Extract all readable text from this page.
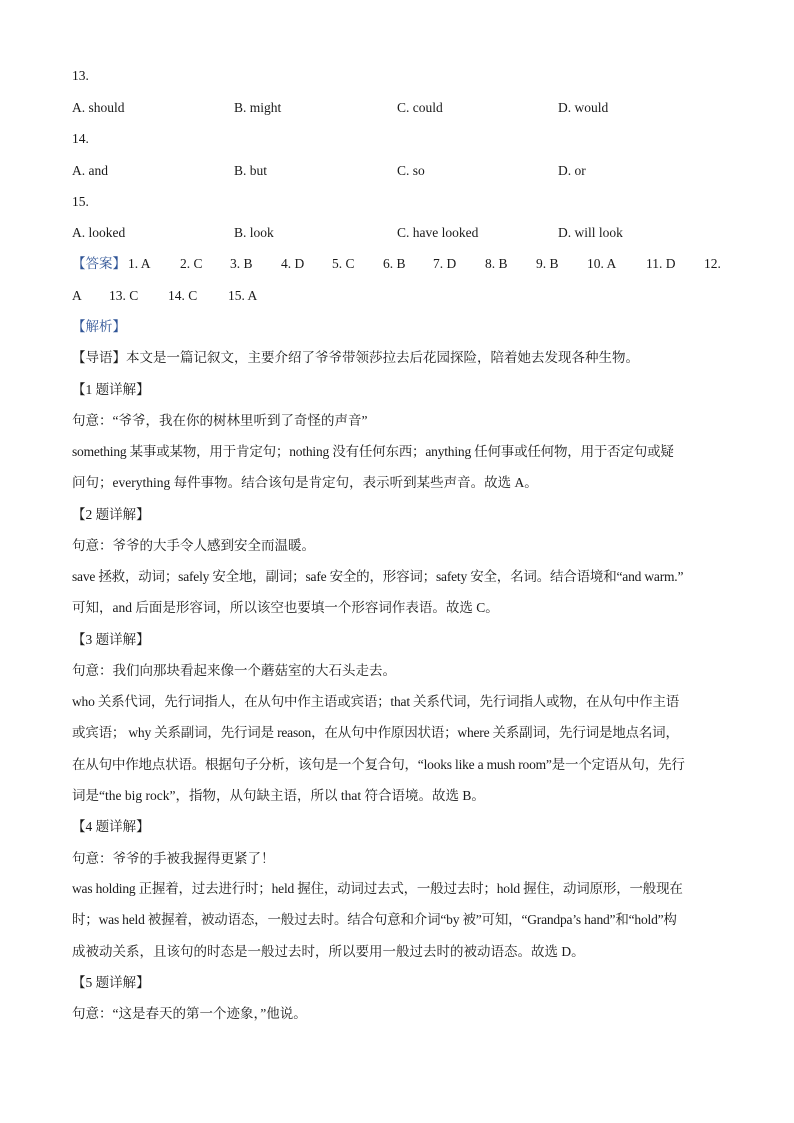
13.
A. should	B. might	C. could	D. would
14.
A. and	B. but	C. so	D. or
15.
A. looked	B. look	C. have looked	D. will look
【答案】 1. A 2. C 3. B 4. D 5. C 6. B 7. D 8. B 9. B 10. A 11. D 12.
A 13. C 14. C 15. A
【解析】
【导语】本文是一篇记叙文，主要介绍了爷爷带领莎拉去后花园探险，陪着她去发现各种生物。
【1 题详解】
句意：“爷爷，我在你的树林里听到了奇怪的声音”
something 某事或某物，用于肯定句；nothing 没有任何东西；anything 任何事或任何物，用于否定句或疑
问句；everything 每件事物。结合该句是肯定句，表示听到某些声音。故选 A。
【2 题详解】
句意：爷爷的大手令人感到安全而温暖。
save 拯救，动词；safely 安全地，副词；safe 安全的，形容词；safety 安全，名词。结合语境和“and warm.”
可知，and 后面是形容词，所以该空也要填一个形容词作表语。故选 C。
【3 题详解】
句意：我们向那块看起来像一个蘑菇室的大石头走去。
who 关系代词，先行词指人，在从句中作主语或宾语；that 关系代词，先行词指人或物，在从句中作主语
或宾语； why 关系副词，先行词是 reason，在从句中作原因状语；where 关系副词，先行词是地点名词，
在从句中作地点状语。根据句子分析，该句是一个复合句，“looks like a mush room”是一个定语从句，先行
词是“the big rock”，指物，从句缺主语，所以 that 符合语境。故选 B。
【4 题详解】
句意：爷爷的手被我握得更紧了！
was holding 正握着，过去进行时；held 握住，动词过去式，一般过去时；hold 握住，动词原形，一般现在
时；was held 被握着，被动语态，一般过去时。结合句意和介词“by 被”可知，“Grandpa’s hand”和“hold”构
成被动关系，且该句的时态是一般过去时，所以要用一般过去时的被动语态。故选 D。
【5 题详解】
句意：“这是春天的第一个迹象，”他说。
